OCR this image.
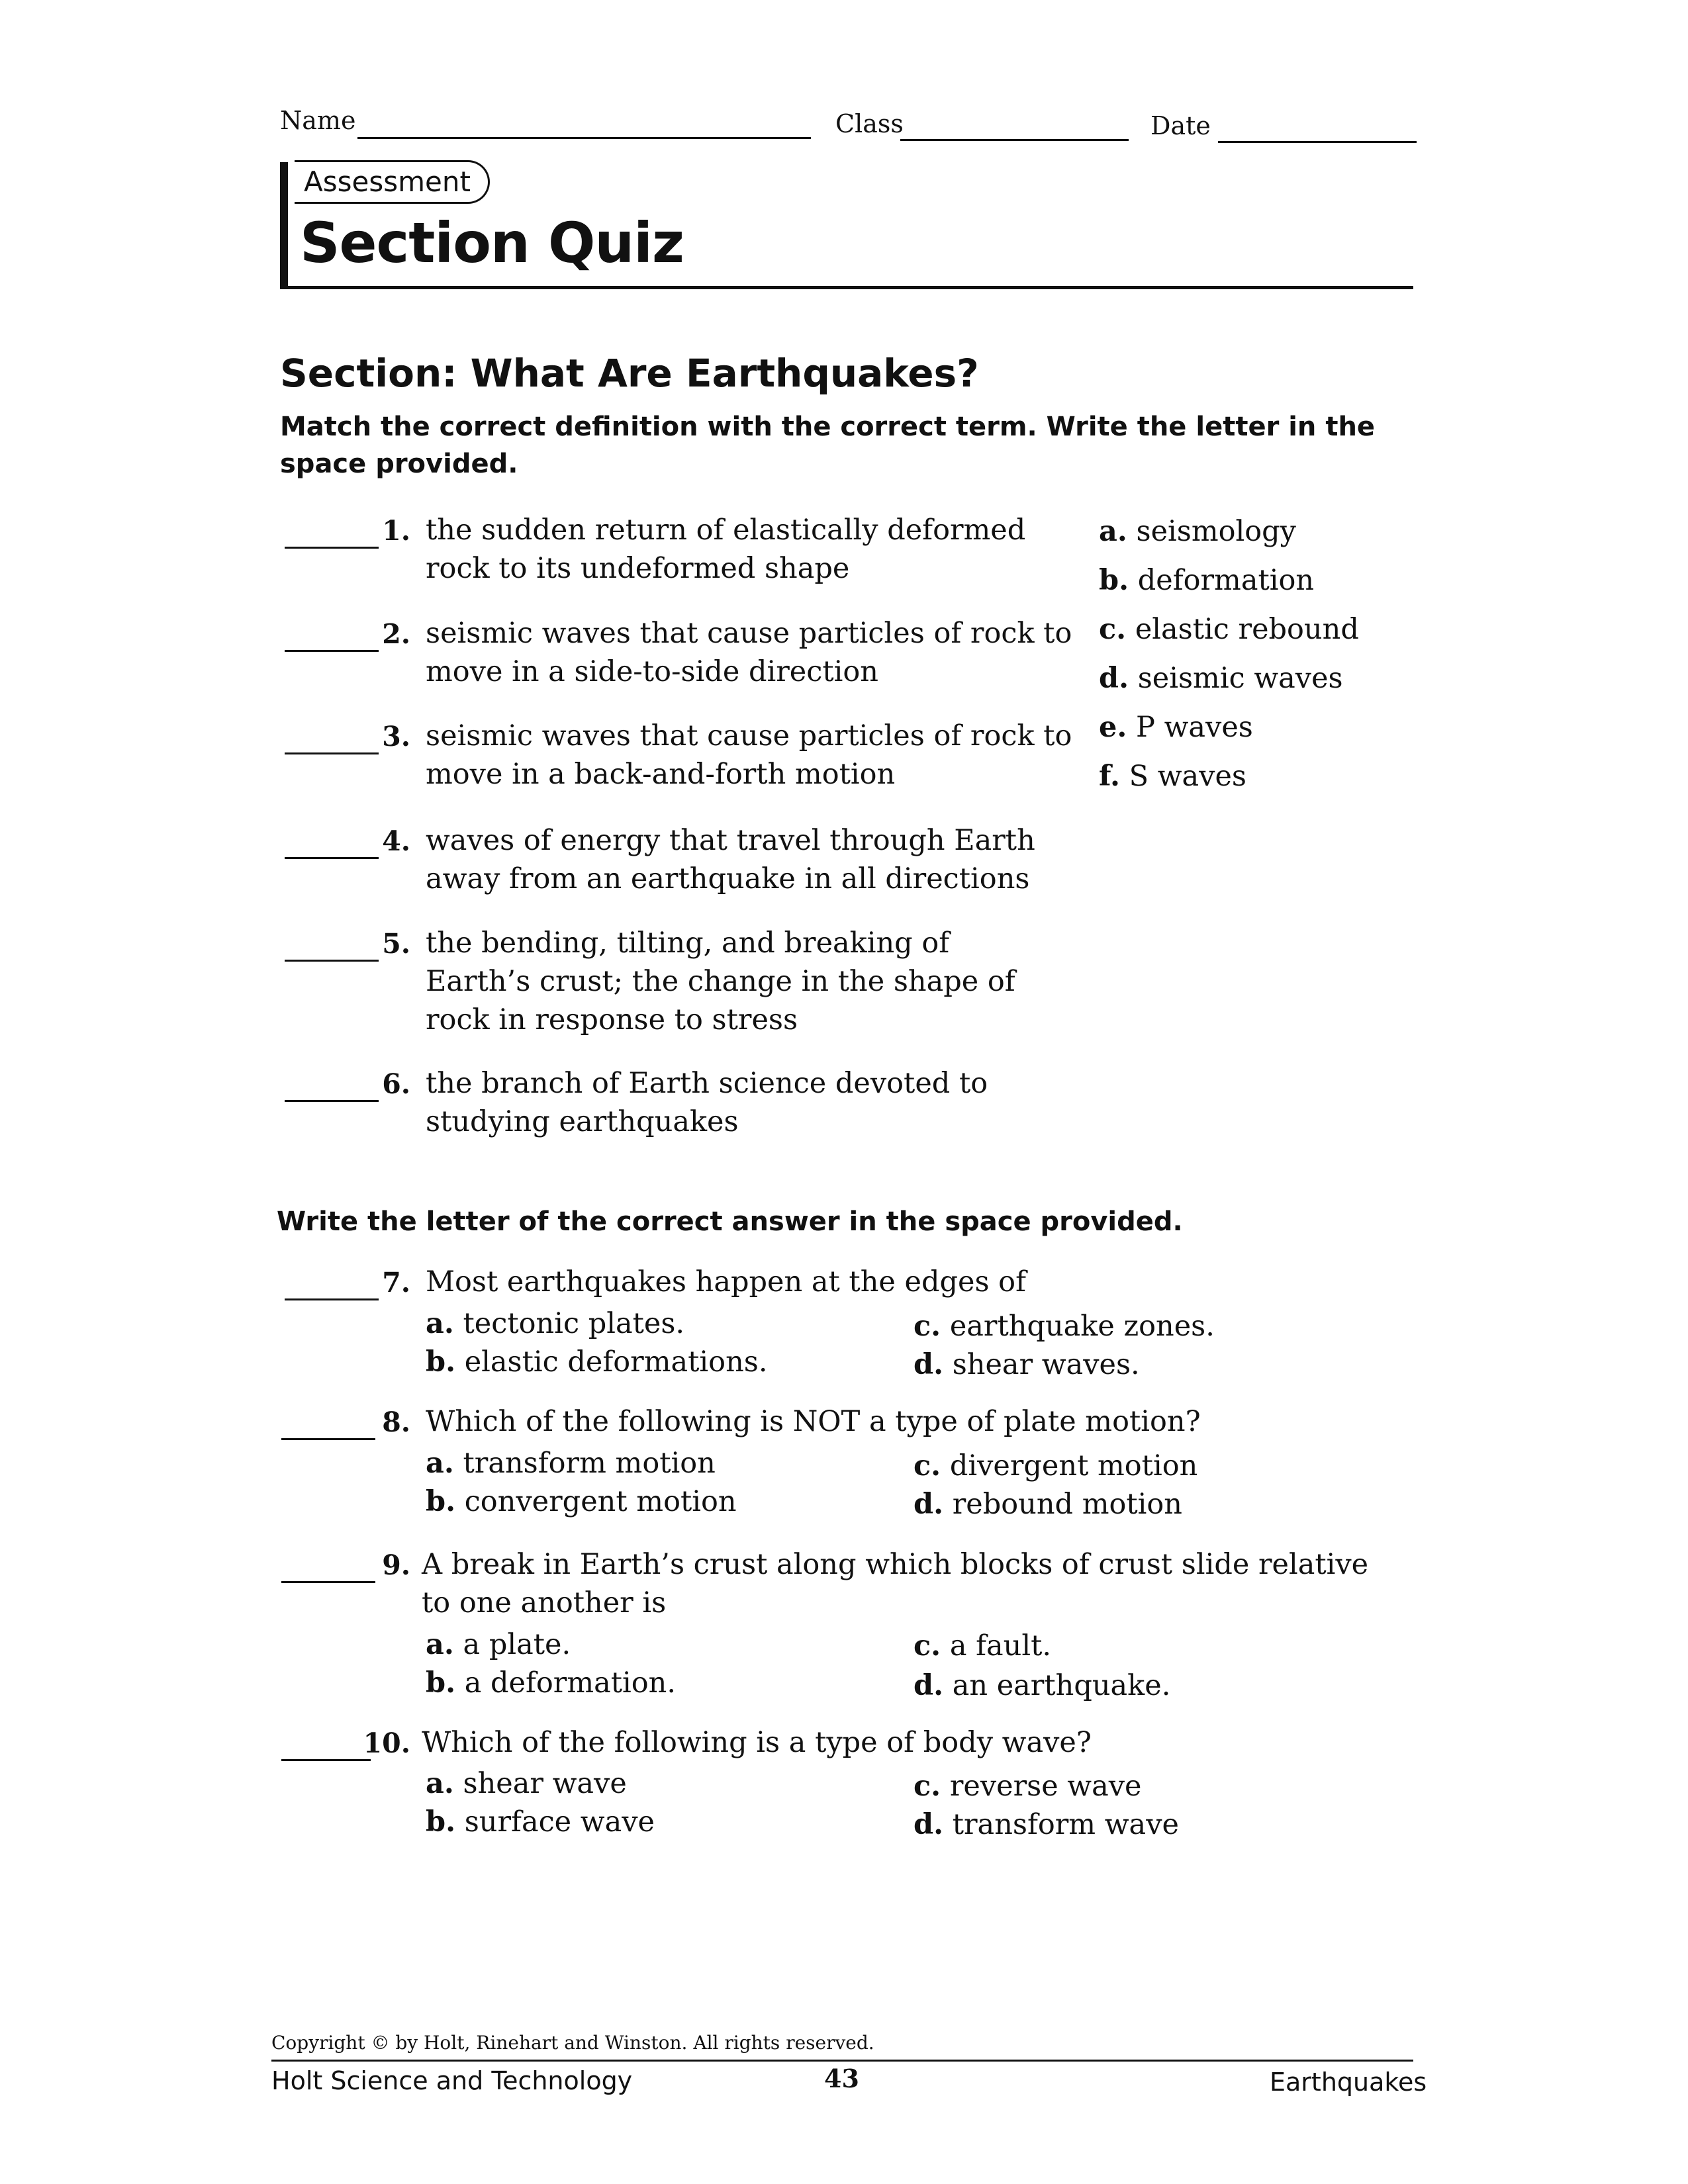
Name	Class	Date
Assessment
Section Quiz
Section: What Are Earthquakes?
Match the correct definition with the correct term. Write the letter in the space provided.
1. the sudden return of elastically deformed rock to its undeformed shape
2. seismic waves that cause particles of rock to move in a side-to-side direction
3. seismic waves that cause particles of rock to move in a back-and-forth motion
4. waves of energy that travel through Earth away from an earthquake in all directions
5. the bending, tilting, and breaking of Earth’s crust; the change in the shape of rock in response to stress
6. the branch of Earth science devoted to studying earthquakes
a. seismology
b. deformation
c. elastic rebound
d. seismic waves
e. P waves
f. S waves
Write the letter of the correct answer in the space provided.
7. Most earthquakes happen at the edges of
a. tectonic plates.
b. elastic deformations.
c. earthquake zones.
d. shear waves.
8. Which of the following is NOT a type of plate motion?
a. transform motion
b. convergent motion
c. divergent motion
d. rebound motion
9. A break in Earth’s crust along which blocks of crust slide relative to one another is
a. a plate.
b. a deformation.
c. a fault.
d. an earthquake.
10. Which of the following is a type of body wave?
a. shear wave
b. surface wave
c. reverse wave
d. transform wave
Copyright © by Holt, Rinehart and Winston. All rights reserved.
Holt Science and Technology	43	Earthquakes
